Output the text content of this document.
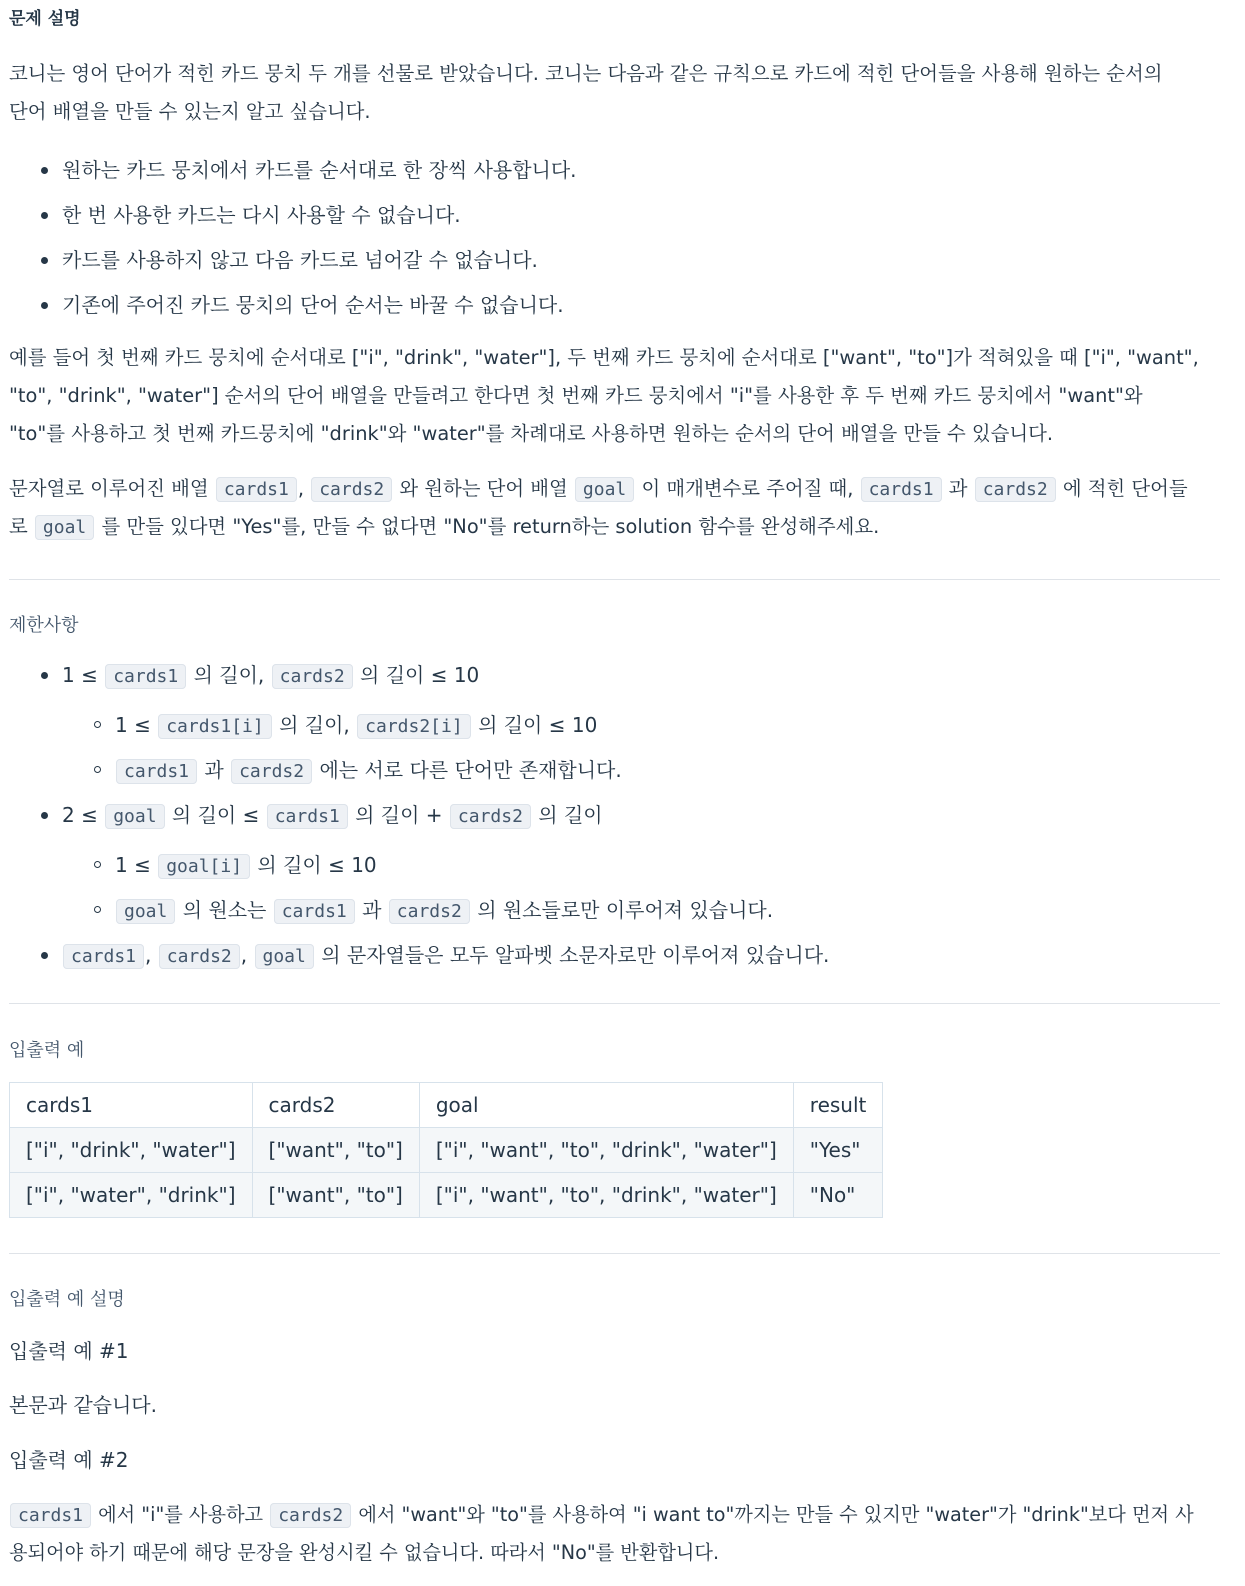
문제 설명
코니는 영어 단어가 적힌 카드 뭉치 두 개를 선물로 받았습니다. 코니는 다음과 같은 규칙으로 카드에 적힌 단어들을 사용해 원하는 순서의
단어 배열을 만들 수 있는지 알고 싶습니다.
원하는 카드 뭉치에서 카드를 순서대로 한 장씩 사용합니다.
한 번 사용한 카드는 다시 사용할 수 없습니다.
카드를 사용하지 않고 다음 카드로 넘어갈 수 없습니다.
기존에 주어진 카드 뭉치의 단어 순서는 바꿀 수 없습니다.
예를 들어 첫 번째 카드 뭉치에 순서대로 ["i", "drink", "water"], 두 번째 카드 뭉치에 순서대로 ["want", "to"]가 적혀있을 때 ["i", "want",
"to", "drink", "water"] 순서의 단어 배열을 만들려고 한다면 첫 번째 카드 뭉치에서 "i"를 사용한 후 두 번째 카드 뭉치에서 "want"와
"to"를 사용하고 첫 번째 카드뭉치에 "drink"와 "water"를 차례대로 사용하면 원하는 순서의 단어 배열을 만들 수 있습니다.
문자열로 이루어진 배열 cards1 , cards2 와 원하는 단어 배열 goal 이 매개변수로 주어질 때, cards1 과 cards2 에 적힌 단어들
로 goal 를 만들 있다면 "Yes"를, 만들 수 없다면 "No"를 return하는 solution 함수를 완성해주세요.
제한사항
1 ≤ cards1 의 길이, cards2 의 길이 ≤ 10
1 ≤ cards1[i] 의 길이, cards2[i] 의 길이 ≤ 10
cards1 과 cards2 에는 서로 다른 단어만 존재합니다.
2 ≤ goal 의 길이 ≤ cards1 의 길이 + cards2 의 길이
1 ≤ goal[i] 의 길이 ≤ 10
goal 의 원소는 cards1 과 cards2 의 원소들로만 이루어져 있습니다.
cards1 , cards2 , goal 의 문자열들은 모두 알파벳 소문자로만 이루어져 있습니다.
입출력 예
cards1	cards2	goal	result
["i", "drink", "water"]	["want", "to"]	["i", "want", "to", "drink", "water"]	"Yes"
["i", "water", "drink"]	["want", "to"]	["i", "want", "to", "drink", "water"]	"No"
입출력 예 설명
입출력 예 #1
본문과 같습니다.
입출력 예 #2
cards1 에서 "i"를 사용하고 cards2 에서 "want"와 "to"를 사용하여 "i want to"까지는 만들 수 있지만 "water"가 "drink"보다 먼저 사
용되어야 하기 때문에 해당 문장을 완성시킬 수 없습니다. 따라서 "No"를 반환합니다.
